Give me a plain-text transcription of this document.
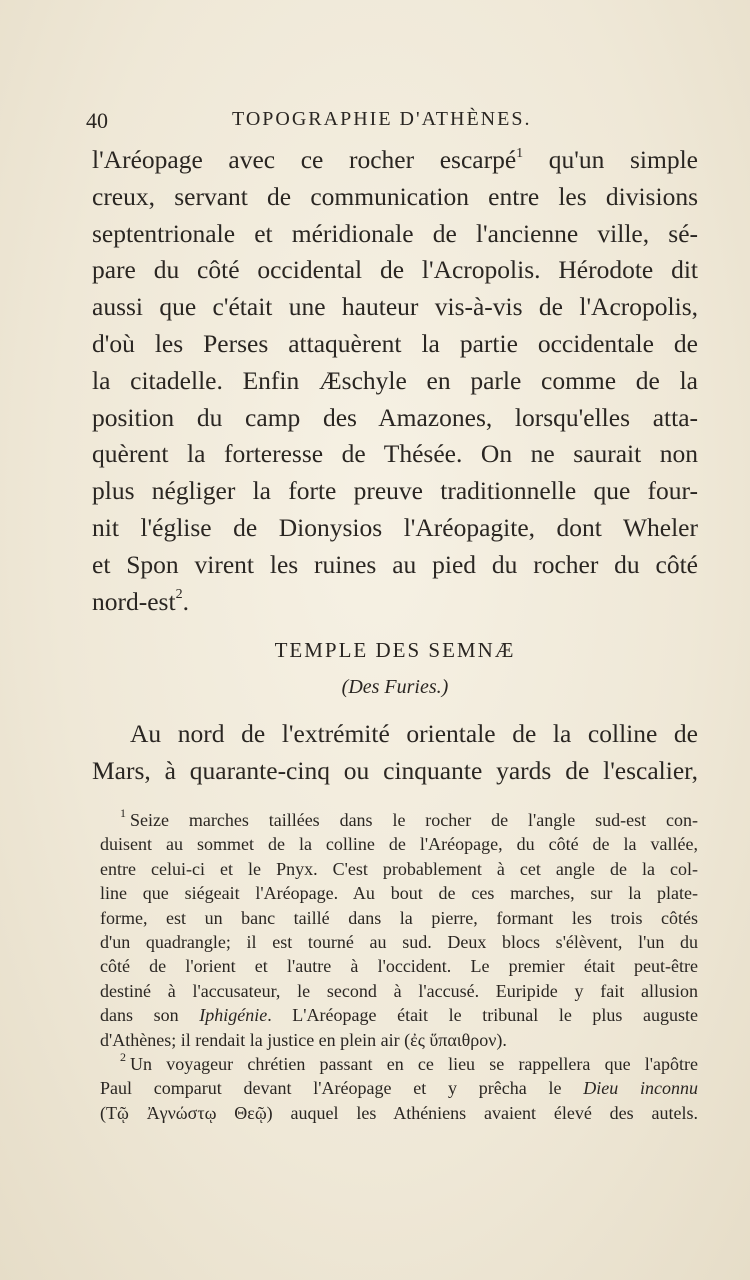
40	TOPOGRAPHIE D'ATHÈNES.
l'Aréopage avec ce rocher escarpé$^1$ qu'un simple
creux, servant de communication entre les divisions
septentrionale et méridionale de l'ancienne ville, sé-
pare du côté occidental de l'Acropolis. Hérodote dit
aussi que c'était une hauteur vis-à-vis de l'Acropolis,
d'où les Perses attaquèrent la partie occidentale de
la citadelle. Enfin Æschyle en parle comme de la
position du camp des Amazones, lorsqu'elles atta-
quèrent la forteresse de Thésée. On ne saurait non
plus négliger la forte preuve traditionnelle que four-
nit l'église de Dionysios l'Aréopagite, dont Wheler
et Spon virent les ruines au pied du rocher du côté
nord-est$^2$.
TEMPLE DES SEMNÆ
(Des Furies.)
Au nord de l'extrémité orientale de la colline de
Mars, à quarante-cinq ou cinquante yards de l'escalier,
$^1$ Seize marches taillées dans le rocher de l'angle sud-est con-
duisent au sommet de la colline de l'Aréopage, du côté de la vallée,
entre celui-ci et le Pnyx. C'est probablement à cet angle de la col-
line que siégeait l'Aréopage. Au bout de ces marches, sur la plate-
forme, est un banc taillé dans la pierre, formant les trois côtés
d'un quadrangle; il est tourné au sud. Deux blocs s'élèvent, l'un du
côté de l'orient et l'autre à l'occident. Le premier était peut-être
destiné à l'accusateur, le second à l'accusé. Euripide y fait allusion
dans son Iphigénie. L'Aréopage était le tribunal le plus auguste
d'Athènes; il rendait la justice en plein air (ἐς ὕπαιθρον).
$^2$ Un voyageur chrétien passant en ce lieu se rappellera que l'apôtre
Paul comparut devant l'Aréopage et y prêcha le Dieu inconnu
(Τῷ Ἀγνώστῳ Θεῷ) auquel les Athéniens avaient élevé des autels.
